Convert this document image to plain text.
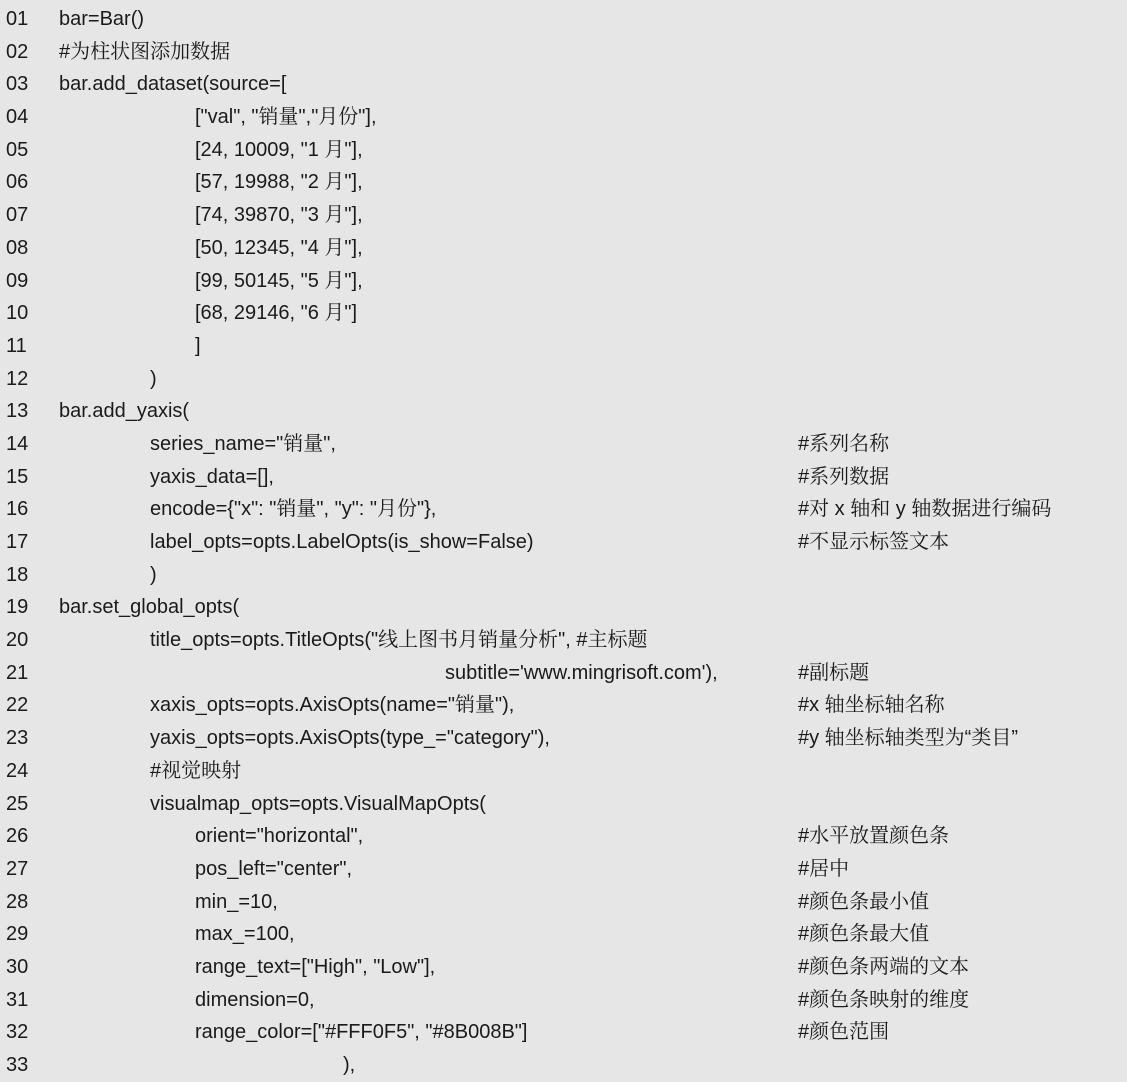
01	bar=Bar()
02	#为柱状图添加数据
03	bar.add_dataset(source=[
04	["val", "销量","月份"],
05	[24, 10009, "1 月"],
06	[57, 19988, "2 月"],
07	[74, 39870, "3 月"],
08	[50, 12345, "4 月"],
09	[99, 50145, "5 月"],
10	[68, 29146, "6 月"]
11	]
12	)
13	bar.add_yaxis(
14	series_name="销量",	#系列名称
15	yaxis_data=[],	#系列数据
16	encode={"x": "销量", "y": "月份"},	#对 x 轴和 y 轴数据进行编码
17	label_opts=opts.LabelOpts(is_show=False)	#不显示标签文本
18	)
19	bar.set_global_opts(
20	title_opts=opts.TitleOpts("线上图书月销量分析", #主标题
21	subtitle='www.mingrisoft.com'),	#副标题
22	xaxis_opts=opts.AxisOpts(name="销量"),	#x 轴坐标轴名称
23	yaxis_opts=opts.AxisOpts(type_="category"),	#y 轴坐标轴类型为“类目”
24	#视觉映射
25	visualmap_opts=opts.VisualMapOpts(
26	orient="horizontal",	#水平放置颜色条
27	pos_left="center",	#居中
28	min_=10,	#颜色条最小值
29	max_=100,	#颜色条最大值
30	range_text=["High", "Low"],	#颜色条两端的文本
31	dimension=0,	#颜色条映射的维度
32	range_color=["#FFF0F5", "#8B008B"]	#颜色范围
33	),
